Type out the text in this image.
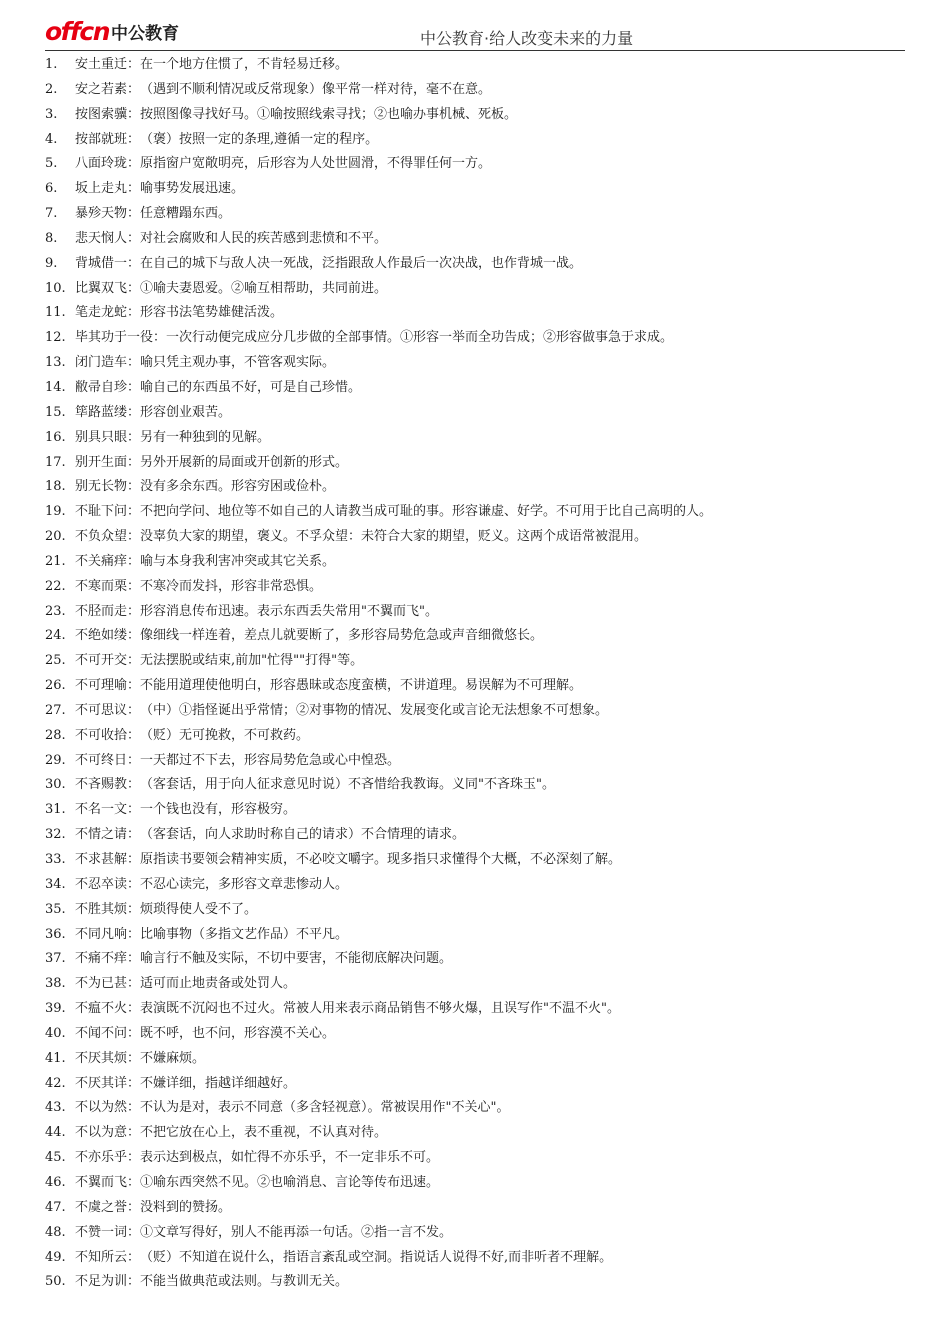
offcn 中公教育	中公教育·给人改变未来的力量
1.	安土重迁： 在一个地方住惯了，不肯轻易迁移。
2.	安之若素： （遇到不顺利情况或反常现象）像平常一样对待，毫不在意。
3.	按图索骥： 按照图像寻找好马。①喻按照线索寻找；②也喻办事机械、死板。
4.	按部就班： （褒）按照一定的条理,遵循一定的程序。
5.	八面玲珑： 原指窗户宽敞明亮，后形容为人处世圆滑，不得罪任何一方。
6.	坂上走丸： 喻事势发展迅速。
7.	暴殄天物： 任意糟蹋东西。
8.	悲天悯人： 对社会腐败和人民的疾苦感到悲愤和不平。
9.	背城借一： 在自己的城下与敌人决一死战，泛指跟敌人作最后一次决战，也作背城一战。
10. 比翼双飞： ①喻夫妻恩爱。②喻互相帮助，共同前进。
11. 笔走龙蛇： 形容书法笔势雄健活泼。
12. 毕其功于一役： 一次行动便完成应分几步做的全部事情。①形容一举而全功告成；②形容做事急于求成。
13. 闭门造车： 喻只凭主观办事，不管客观实际。
14. 敝帚自珍： 喻自己的东西虽不好，可是自己珍惜。
15. 筚路蓝缕： 形容创业艰苦。
16. 别具只眼： 另有一种独到的见解。
17. 别开生面： 另外开展新的局面或开创新的形式。
18. 别无长物： 没有多余东西。形容穷困或俭朴。
19. 不耻下问： 不把向学问、地位等不如自己的人请教当成可耻的事。形容谦虚、好学。不可用于比自己高明的人。
20. 不负众望： 没辜负大家的期望，褒义。不孚众望：未符合大家的期望，贬义。这两个成语常被混用。
21. 不关痛痒： 喻与本身我利害冲突或其它关系。
22. 不寒而栗： 不寒冷而发抖，形容非常恐惧。
23. 不胫而走： 形容消息传布迅速。表示东西丢失常用"不翼而飞"。
24. 不绝如缕： 像细线一样连着，差点儿就要断了，多形容局势危急或声音细微悠长。
25. 不可开交： 无法摆脱或结束,前加"忙得""打得"等。
26. 不可理喻： 不能用道理使他明白，形容愚昧或态度蛮横，不讲道理。易误解为不可理解。
27. 不可思议： （中）①指怪诞出乎常情；②对事物的情况、发展变化或言论无法想象不可想象。
28. 不可收拾： （贬）无可挽救，不可救药。
29. 不可终日： 一天都过不下去，形容局势危急或心中惶恐。
30. 不吝赐教： （客套话，用于向人征求意见时说）不吝惜给我教诲。义同"不吝珠玉"。
31. 不名一文： 一个钱也没有，形容极穷。
32. 不情之请： （客套话，向人求助时称自己的请求）不合情理的请求。
33. 不求甚解： 原指读书要领会精神实质，不必咬文嚼字。现多指只求懂得个大概，不必深刻了解。
34. 不忍卒读： 不忍心读完，多形容文章悲惨动人。
35. 不胜其烦： 烦琐得使人受不了。
36. 不同凡响： 比喻事物（多指文艺作品）不平凡。
37. 不痛不痒： 喻言行不触及实际，不切中要害，不能彻底解决问题。
38. 不为已甚： 适可而止地责备或处罚人。
39. 不瘟不火： 表演既不沉闷也不过火。常被人用来表示商品销售不够火爆，且误写作"不温不火"。
40. 不闻不问： 既不呼，也不问，形容漠不关心。
41. 不厌其烦： 不嫌麻烦。
42. 不厌其详： 不嫌详细，指越详细越好。
43. 不以为然： 不认为是对，表示不同意（多含轻视意）。常被误用作"不关心"。
44. 不以为意： 不把它放在心上，表不重视，不认真对待。
45. 不亦乐乎： 表示达到极点，如忙得不亦乐乎，不一定非乐不可。
46. 不翼而飞： ①喻东西突然不见。②也喻消息、言论等传布迅速。
47. 不虞之誉： 没料到的赞扬。
48. 不赞一词： ①文章写得好，别人不能再添一句话。②指一言不发。
49. 不知所云： （贬）不知道在说什么，指语言紊乱或空洞。指说话人说得不好,而非听者不理解。
50. 不足为训： 不能当做典范或法则。与教训无关。
